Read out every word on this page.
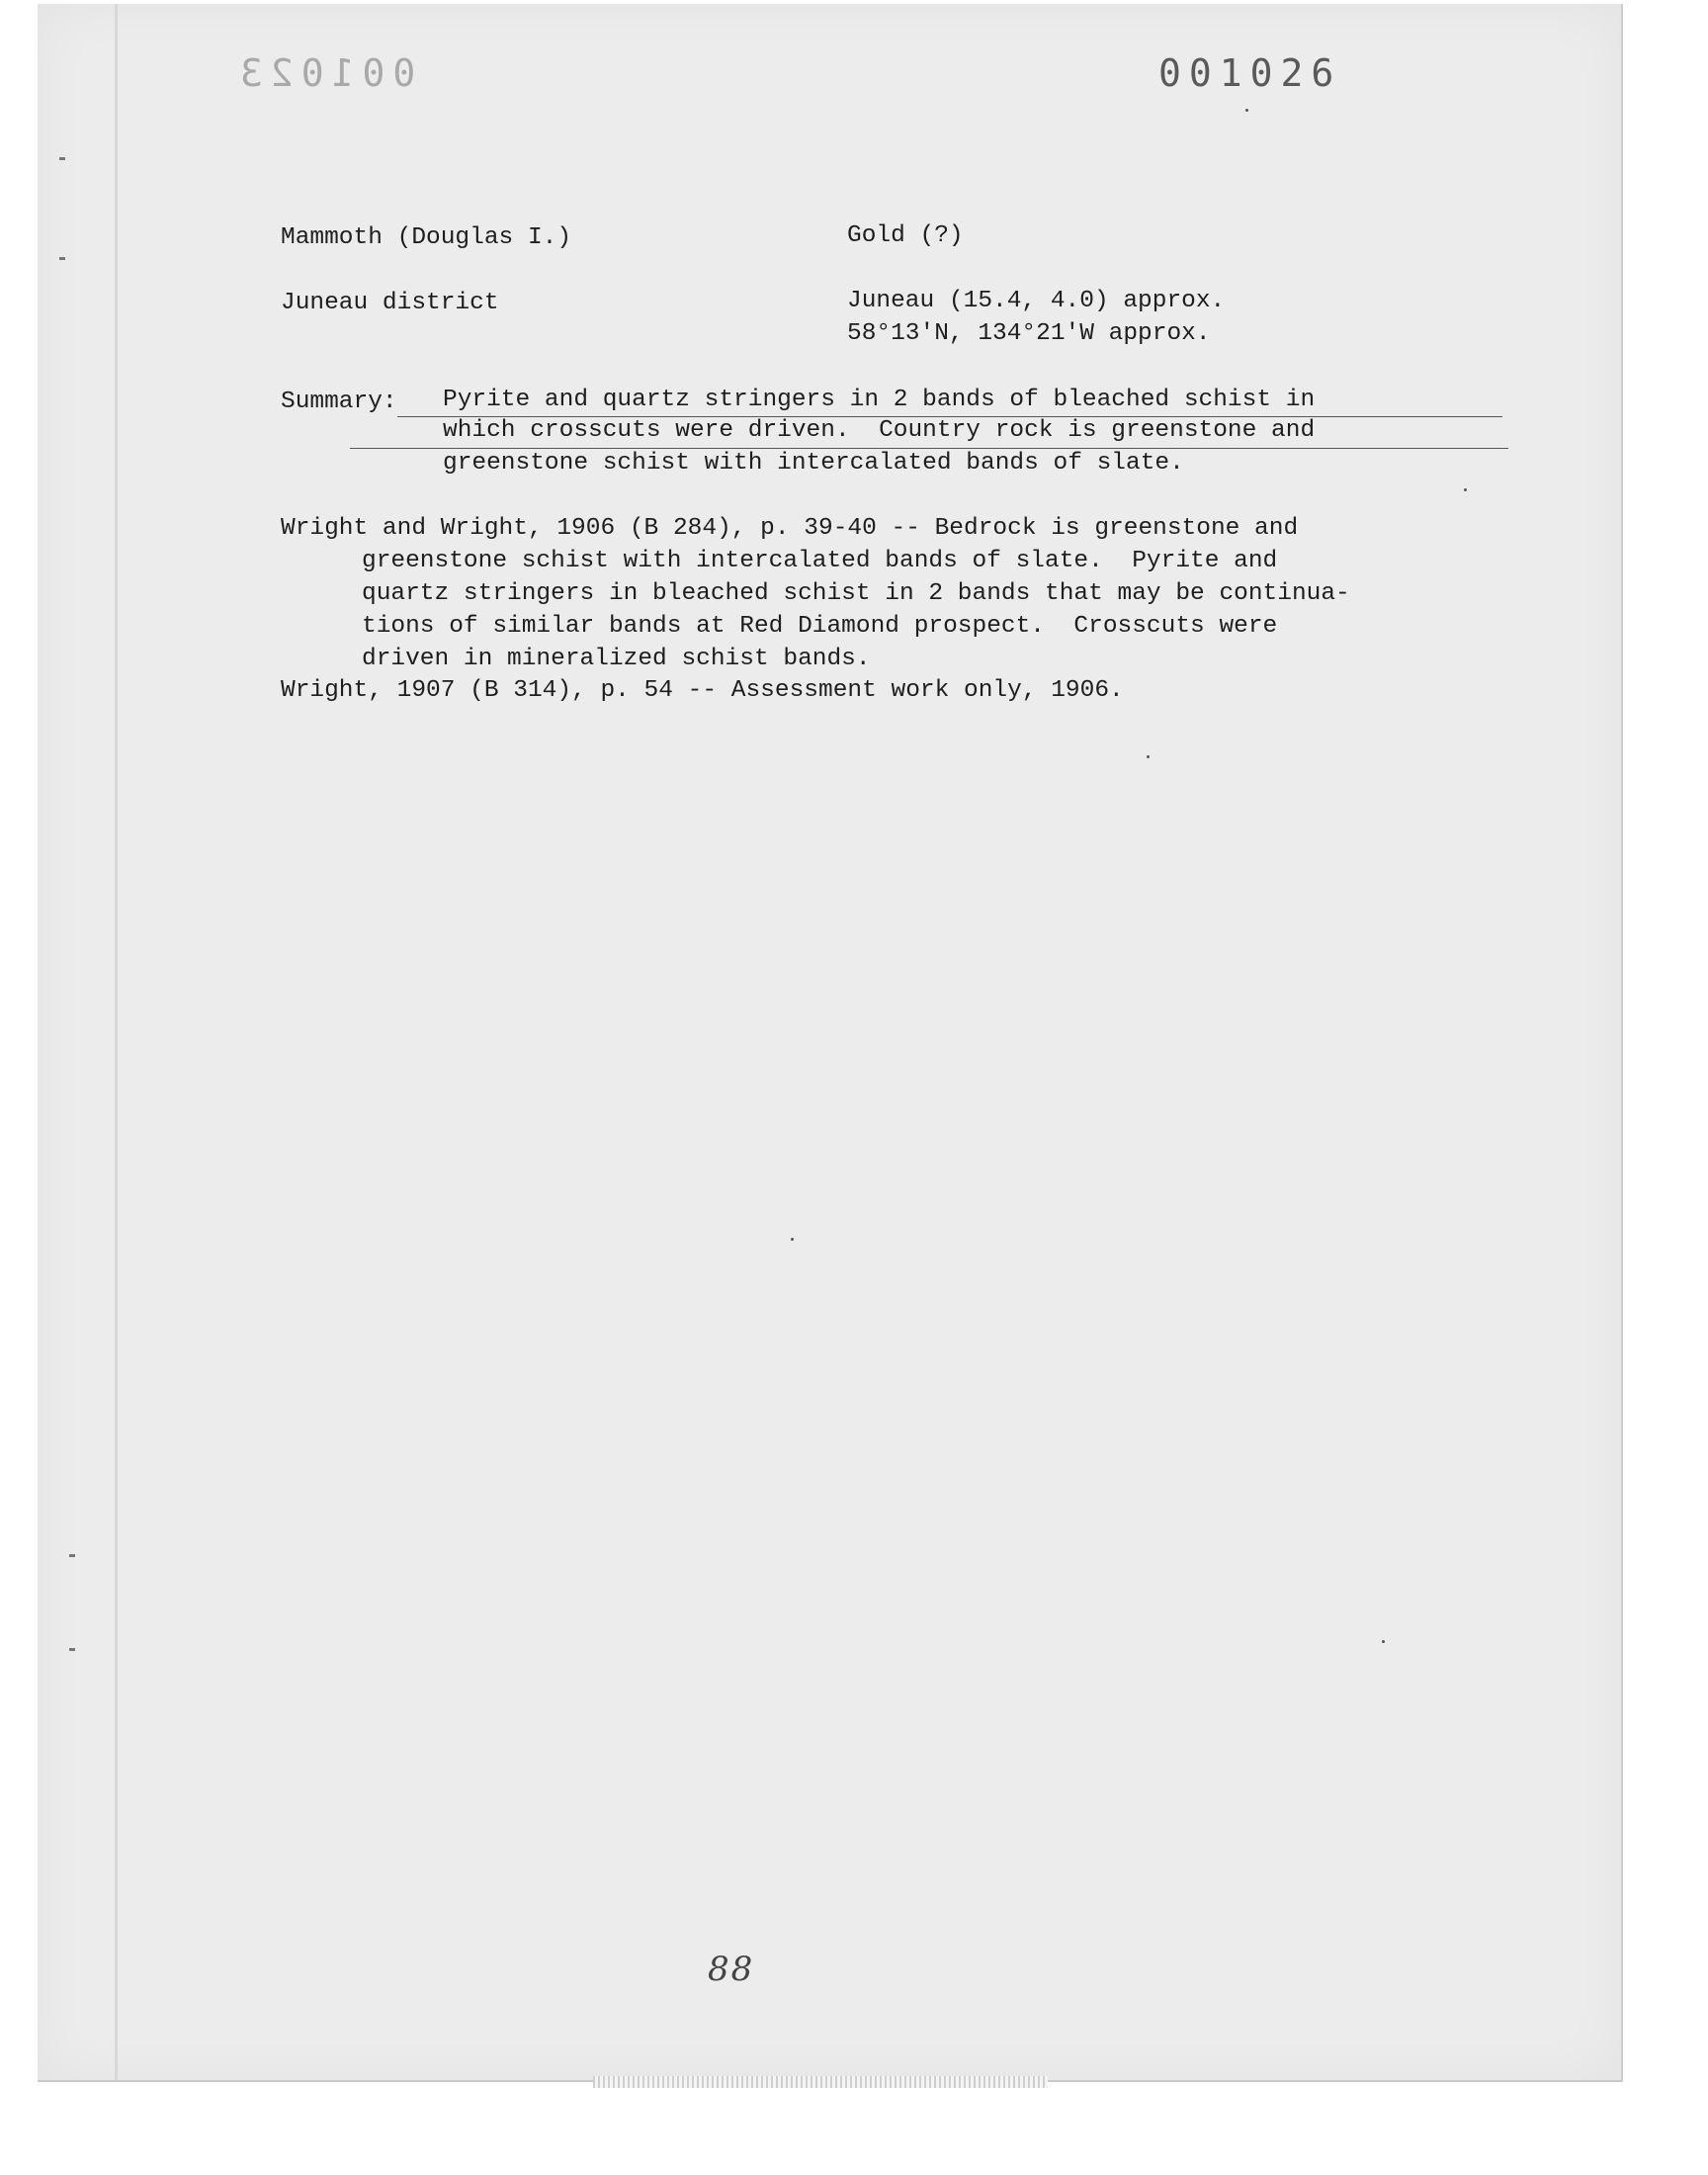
001023	001026

Mammoth (Douglas I.)	Gold (?)

Juneau district	Juneau (15.4, 4.0) approx.

58°13'N, 134°21'W approx.

Summary: Pyrite and quartz stringers in 2 bands of bleached schist in

which crosscuts were driven.  Country rock is greenstone and

greenstone schist with intercalated bands of slate.

Wright and Wright, 1906 (B 284), p. 39-40 -- Bedrock is greenstone and

greenstone schist with intercalated bands of slate.  Pyrite and

quartz stringers in bleached schist in 2 bands that may be continua-

tions of similar bands at Red Diamond prospect.  Crosscuts were

driven in mineralized schist bands.

Wright, 1907 (B 314), p. 54 -- Assessment work only, 1906.

88
